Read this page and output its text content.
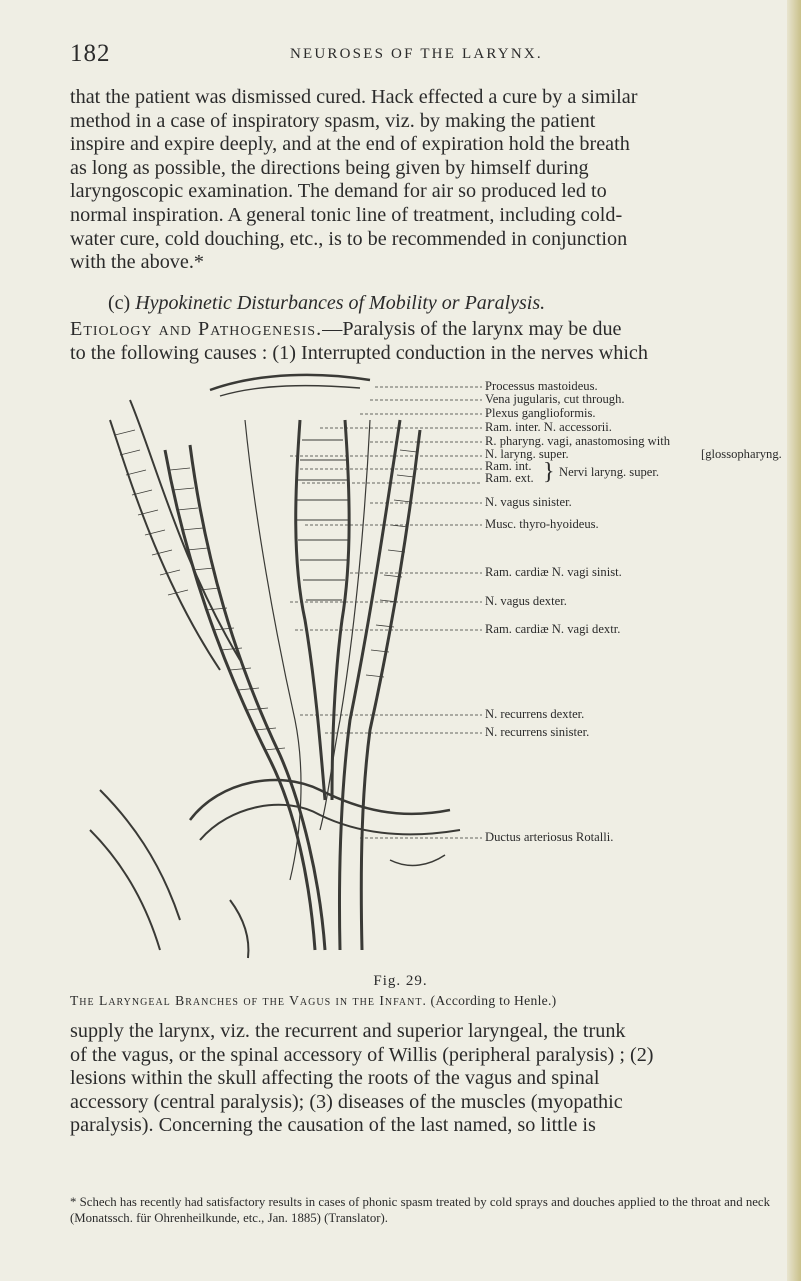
182	NEUROSES OF THE LARYNX.

that the patient was dismissed cured. Hack effected a cure by a similar

method in a case of inspiratory spasm, viz. by making the patient

inspire and expire deeply, and at the end of expiration hold the breath

as long as possible, the directions being given by himself during

laryngoscopic examination. The demand for air so produced led to

normal inspiration. A general tonic line of treatment, including cold-

water cure, cold douching, etc., is to be recommended in conjunction

with the above.*

(c) Hypokinetic Disturbances of Mobility or Paralysis.
Etiology and Pathogenesis.—Paralysis of the larynx may be due
to the following causes : (1) Interrupted conduction in the nerves which
Processus mastoideus.
Vena jugularis, cut through.
Plexus ganglioformis.
Ram. inter. N. accessorii.
R. pharyng. vagi, anastomosing with
N. laryng. super.	[glossopharyng.
Ram. int.
Ram. ext. } Nervi laryng. super.
N. vagus sinister.
Musc. thyro-hyoideus.
Ram. cardiæ N. vagi sinist.
N. vagus dexter.
Ram. cardiæ N. vagi dextr.
N. recurrens dexter.
N. recurrens sinister.
Ductus arteriosus Rotalli.
Fig. 29.
The Laryngeal Branches of the Vagus in the Infant. (According to Henle.)

supply the larynx, viz. the recurrent and superior laryngeal, the trunk

of the vagus, or the spinal accessory of Willis (peripheral paralysis) ; (2)

lesions within the skull affecting the roots of the vagus and spinal

accessory (central paralysis); (3) diseases of the muscles (myopathic

paralysis). Concerning the causation of the last named, so little is

* Schech has recently had satisfactory results in cases of phonic spasm treated by cold sprays and douches applied to the throat and neck (Monatssch. für Ohrenheilkunde, etc., Jan. 1885) (Translator).
